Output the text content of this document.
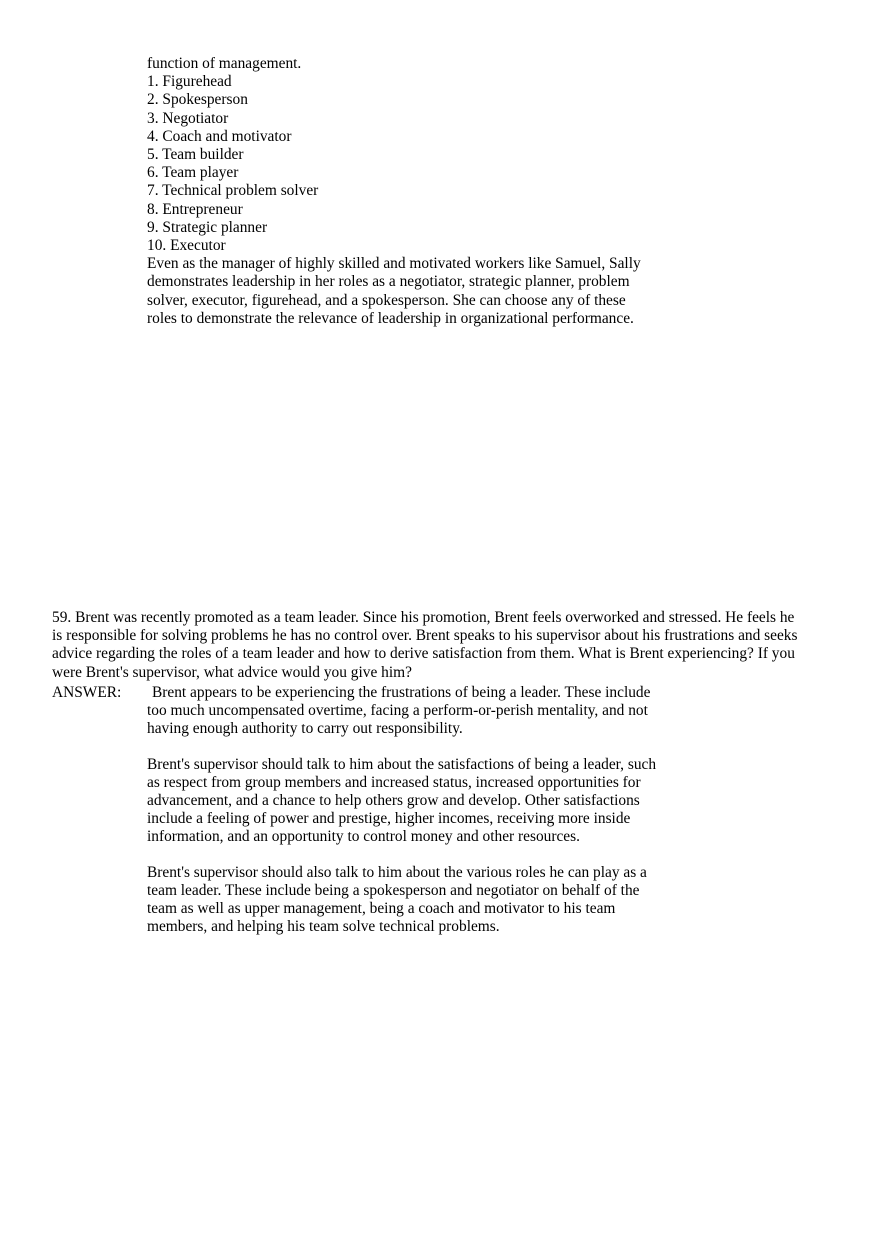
function of management.
1. Figurehead
2. Spokesperson
3. Negotiator
4. Coach and motivator
5. Team builder
6. Team player
7. Technical problem solver
8. Entrepreneur
9. Strategic planner
10. Executor
Even as the manager of highly skilled and motivated workers like Samuel, Sally
demonstrates leadership in her roles as a negotiator, strategic planner, problem
solver, executor, figurehead, and a spokesperson. She can choose any of these
roles to demonstrate the relevance of leadership in organizational performance.
59. Brent was recently promoted as a team leader. Since his promotion, Brent feels overworked and stressed. He feels he
is responsible for solving problems he has no control over. Brent speaks to his supervisor about his frustrations and seeks
advice regarding the roles of a team leader and how to derive satisfaction from them. What is Brent experiencing? If you
were Brent's supervisor, what advice would you give him?
ANSWER:	Brent appears to be experiencing the frustrations of being a leader. These include
too much uncompensated overtime, facing a perform-or-perish mentality, and not
having enough authority to carry out responsibility.
Brent's supervisor should talk to him about the satisfactions of being a leader, such
as respect from group members and increased status, increased opportunities for
advancement, and a chance to help others grow and develop. Other satisfactions
include a feeling of power and prestige, higher incomes, receiving more inside
information, and an opportunity to control money and other resources.
Brent's supervisor should also talk to him about the various roles he can play as a
team leader. These include being a spokesperson and negotiator on behalf of the
team as well as upper management, being a coach and motivator to his team
members, and helping his team solve technical problems.
